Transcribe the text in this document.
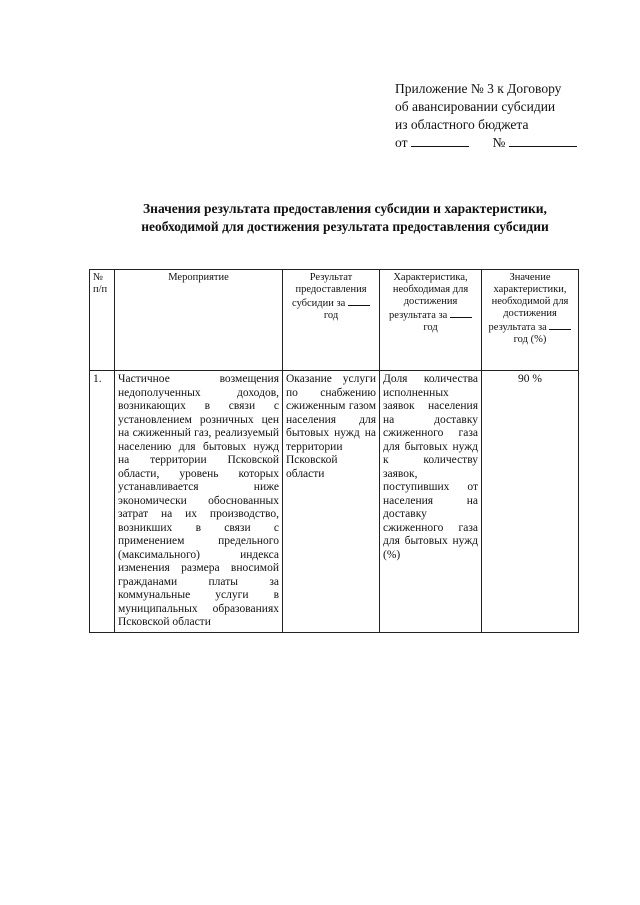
Приложение № 3 к Договору
об авансировании субсидии
из областного бюджета
от	№
Значения результата предоставления субсидии и характеристики,
необходимой для достижения результата предоставления субсидии
№ п/п	Мероприятие	Результат предоставления субсидии за  год	Характеристика, необходимая для достижения результата за  год	Значение характеристики, необходимой для достижения результата за  год (%)
1.	Частичное возмещения недополученных доходов, возникающих в связи с установлением розничных цен на сжиженный газ, реализуемый населению для бытовых нужд на территории Псковской области, уровень которых устанавливается ниже экономически обоснованных затрат на их производство, возникших в связи с применением предельного (максимального) индекса изменения размера вносимой гражданами платы за коммунальные услуги в муниципальных образованиях Псковской области	Оказание услуги по снабжению сжиженным газом населения для бытовых нужд на территории Псковской области	Доля количества исполненных заявок населения на доставку сжиженного газа для бытовых нужд к количеству заявок, поступивших от населения на доставку сжиженного газа для бытовых нужд (%)	90 %
